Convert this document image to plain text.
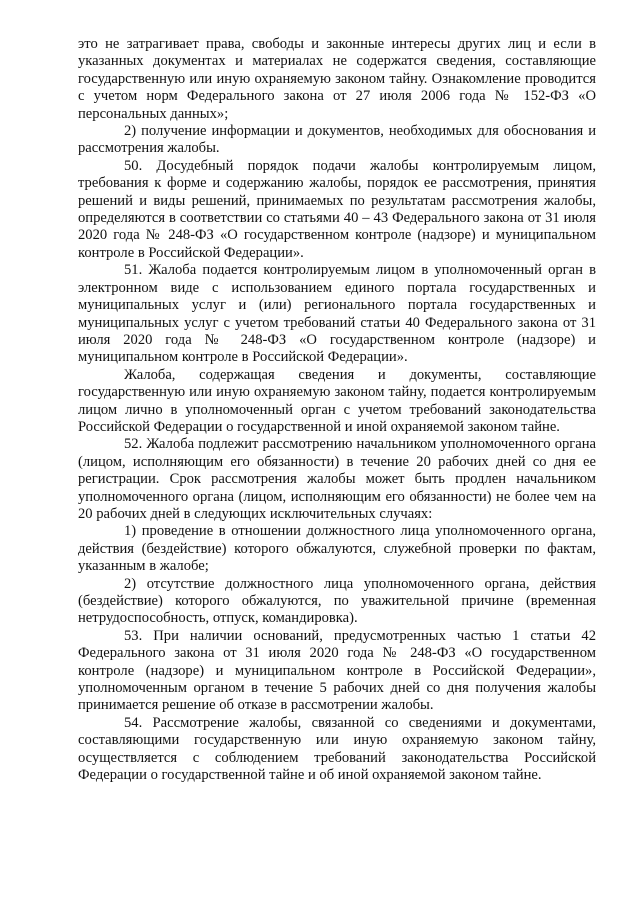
это не затрагивает права, свободы и законные интересы других лиц и если в указанных документах и материалах не содержатся сведения, составляющие государственную или иную охраняемую законом тайну. Ознакомление проводится с учетом норм Федерального закона от 27 июля 2006 года № 152-ФЗ «О персональных данных»;

2) получение информации и документов, необходимых для обоснования и рассмотрения жалобы.

50. Досудебный порядок подачи жалобы контролируемым лицом, требования к форме и содержанию жалобы, порядок ее рассмотрения, принятия решений и виды решений, принимаемых по результатам рассмотрения жалобы, определяются в соответствии со статьями 40 – 43 Федерального закона от 31 июля 2020 года № 248-ФЗ «О государственном контроле (надзоре) и муниципальном контроле в Российской Федерации».

51. Жалоба подается контролируемым лицом в уполномоченный орган в электронном виде с использованием единого портала государственных и муниципальных услуг и (или) регионального портала государственных и муниципальных услуг с учетом требований статьи 40 Федерального закона от 31 июля 2020 года № 248-ФЗ «О государственном контроле (надзоре) и муниципальном контроле в Российской Федерации».

Жалоба, содержащая сведения и документы, составляющие государственную или иную охраняемую законом тайну, подается контролируемым лицом лично в уполномоченный орган с учетом требований законодательства Российской Федерации о государственной и иной охраняемой законом тайне.

52. Жалоба подлежит рассмотрению начальником уполномоченного органа (лицом, исполняющим его обязанности) в течение 20 рабочих дней со дня ее регистрации. Срок рассмотрения жалобы может быть продлен начальником уполномоченного органа (лицом, исполняющим его обязанности) не более чем на 20 рабочих дней в следующих исключительных случаях:

1) проведение в отношении должностного лица уполномоченного органа, действия (бездействие) которого обжалуются, служебной проверки по фактам, указанным в жалобе;

2) отсутствие должностного лица уполномоченного органа, действия (бездействие) которого обжалуются, по уважительной причине (временная нетрудоспособность, отпуск, командировка).

53. При наличии оснований, предусмотренных частью 1 статьи 42 Федерального закона от 31 июля 2020 года № 248-ФЗ «О государственном контроле (надзоре) и муниципальном контроле в Российской Федерации», уполномоченным органом в течение 5 рабочих дней со дня получения жалобы принимается решение об отказе в рассмотрении жалобы.

54. Рассмотрение жалобы, связанной со сведениями и документами, составляющими государственную или иную охраняемую законом тайну, осуществляется с соблюдением требований законодательства Российской Федерации о государственной тайне и об иной охраняемой законом тайне.
